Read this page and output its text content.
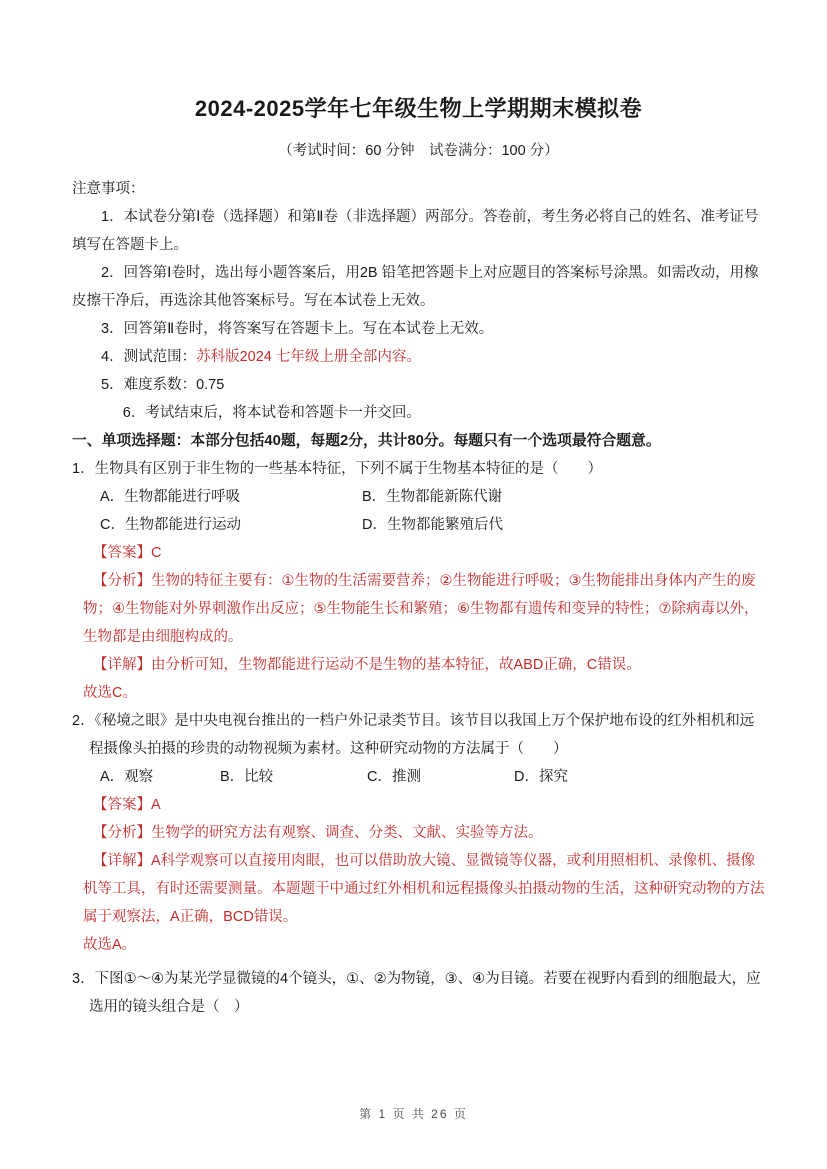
2024-2025学年七年级生物上学期期末模拟卷
（考试时间：60 分钟　试卷满分：100 分）
注意事项：
1．本试卷分第Ⅰ卷（选择题）和第Ⅱ卷（非选择题）两部分。答卷前，考生务必将自己的姓名、准考证号填写在答题卡上。
2．回答第Ⅰ卷时，选出每小题答案后，用2B 铅笔把答题卡上对应题目的答案标号涂黑。如需改动，用橡皮擦干净后，再选涂其他答案标号。写在本试卷上无效。
3．回答第Ⅱ卷时，将答案写在答题卡上。写在本试卷上无效。
4．测试范围：苏科版2024 七年级上册全部内容。
5．难度系数：0.75
6．考试结束后，将本试卷和答题卡一并交回。
一、单项选择题：本部分包括40题，每题2分，共计80分。每题只有一个选项最符合题意。
1．生物具有区别于非生物的一些基本特征，下列不属于生物基本特征的是（　　）
A．生物都能进行呼吸	B．生物都能新陈代谢
C．生物都能进行运动	D．生物都能繁殖后代
【答案】C
【分析】生物的特征主要有：①生物的生活需要营养；②生物能进行呼吸；③生物能排出身体内产生的废物；④生物能对外界刺激作出反应；⑤生物能生长和繁殖；⑥生物都有遗传和变异的特性；⑦除病毒以外，生物都是由细胞构成的。
【详解】由分析可知，生物都能进行运动不是生物的基本特征，故ABD正确，C错误。
故选C。
2．《秘境之眼》是中央电视台推出的一档户外记录类节目。该节目以我国上万个保护地布设的红外相机和远程摄像头拍摄的珍贵的动物视频为素材。这种研究动物的方法属于（　　）
A．观察	B．比较	C．推测	D．探究
【答案】A
【分析】生物学的研究方法有观察、调查、分类、文献、实验等方法。
【详解】A科学观察可以直接用肉眼，也可以借助放大镜、显微镜等仪器，或利用照相机、录像机、摄像机等工具，有时还需要测量。本题题干中通过红外相机和远程摄像头拍摄动物的生活，这种研究动物的方法属于观察法，A正确，BCD错误。
故选A。
3．下图①～④为某光学显微镜的4个镜头，①、②为物镜，③、④为目镜。若要在视野内看到的细胞最大，应选用的镜头组合是（　）
第 1 页 共 26 页
